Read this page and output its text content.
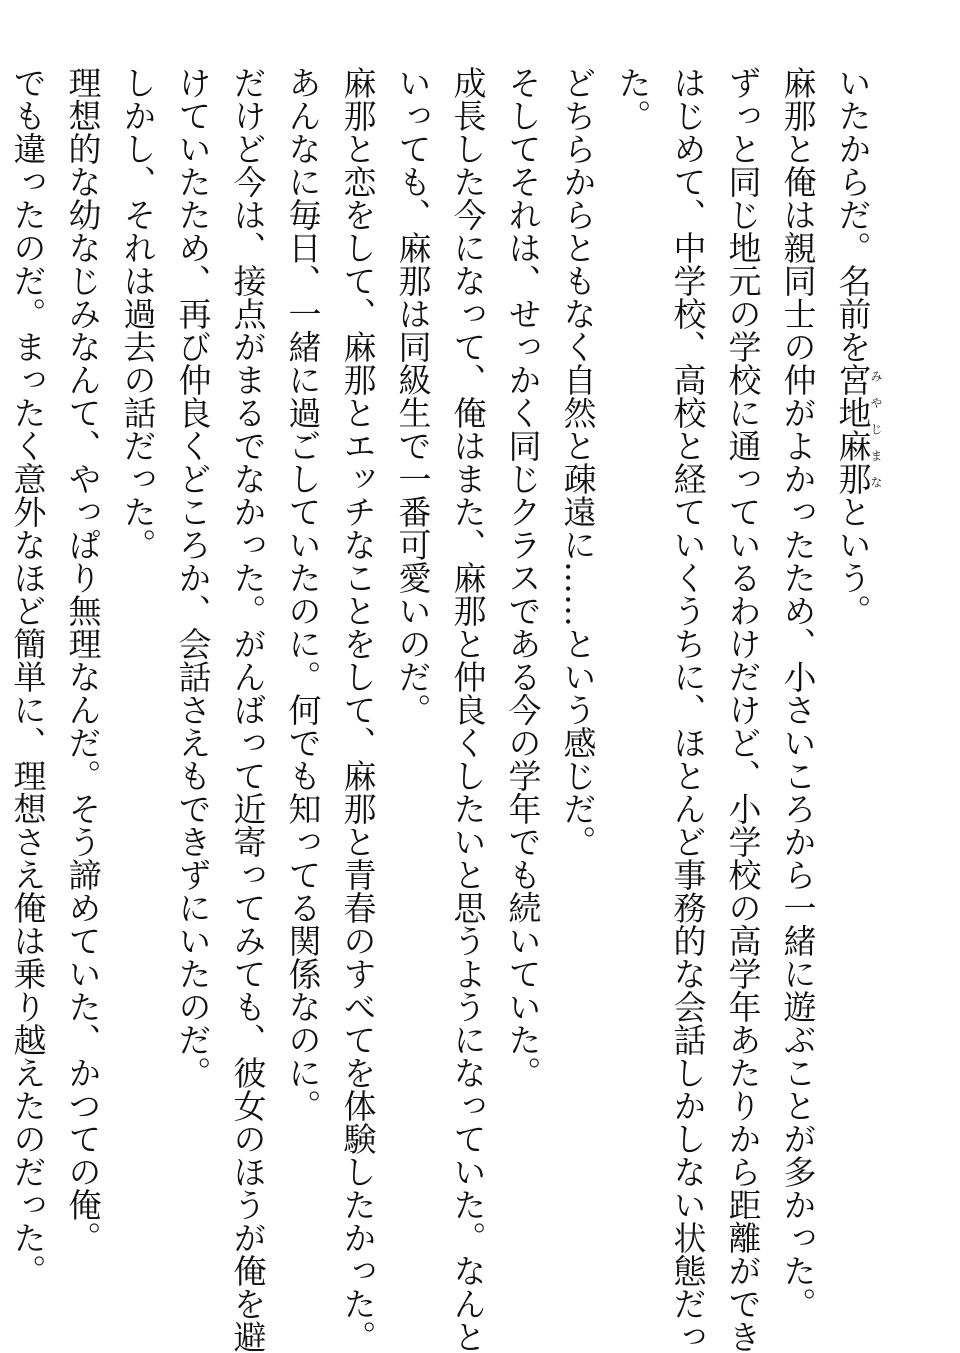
いたからだ。名前を宮地麻那みやじまなという。
麻那と俺は親同士の仲がよかったため、小さいころから一緒に遊ぶことが多かった。
ずっと同じ地元の学校に通っているわけだけど、小学校の高学年あたりから距離ができ
はじめて、中学校、高校と経ていくうちに、ほとんど事務的な会話しかしない状態だっ
た。
どちらからともなく自然と疎遠に……という感じだ。
そしてそれは、せっかく同じクラスである今の学年でも続いていた。
成長した今になって、俺はまた、麻那と仲良くしたいと思うようになっていた。なんと
いっても、麻那は同級生で一番可愛いのだ。
麻那と恋をして、麻那とエッチなことをして、麻那と青春のすべてを体験したかった。
あんなに毎日、一緒に過ごしていたのに。何でも知ってる関係なのに。
だけど今は、接点がまるでなかった。がんばって近寄ってみても、彼女のほうが俺を避
けていたため、再び仲良くどころか、会話さえもできずにいたのだ。
しかし、それは過去の話だった。
理想的な幼なじみなんて、やっぱり無理なんだ。そう諦めていた、かつての俺。
でも違ったのだ。まったく意外なほど簡単に、理想さえ俺は乗り越えたのだった。
